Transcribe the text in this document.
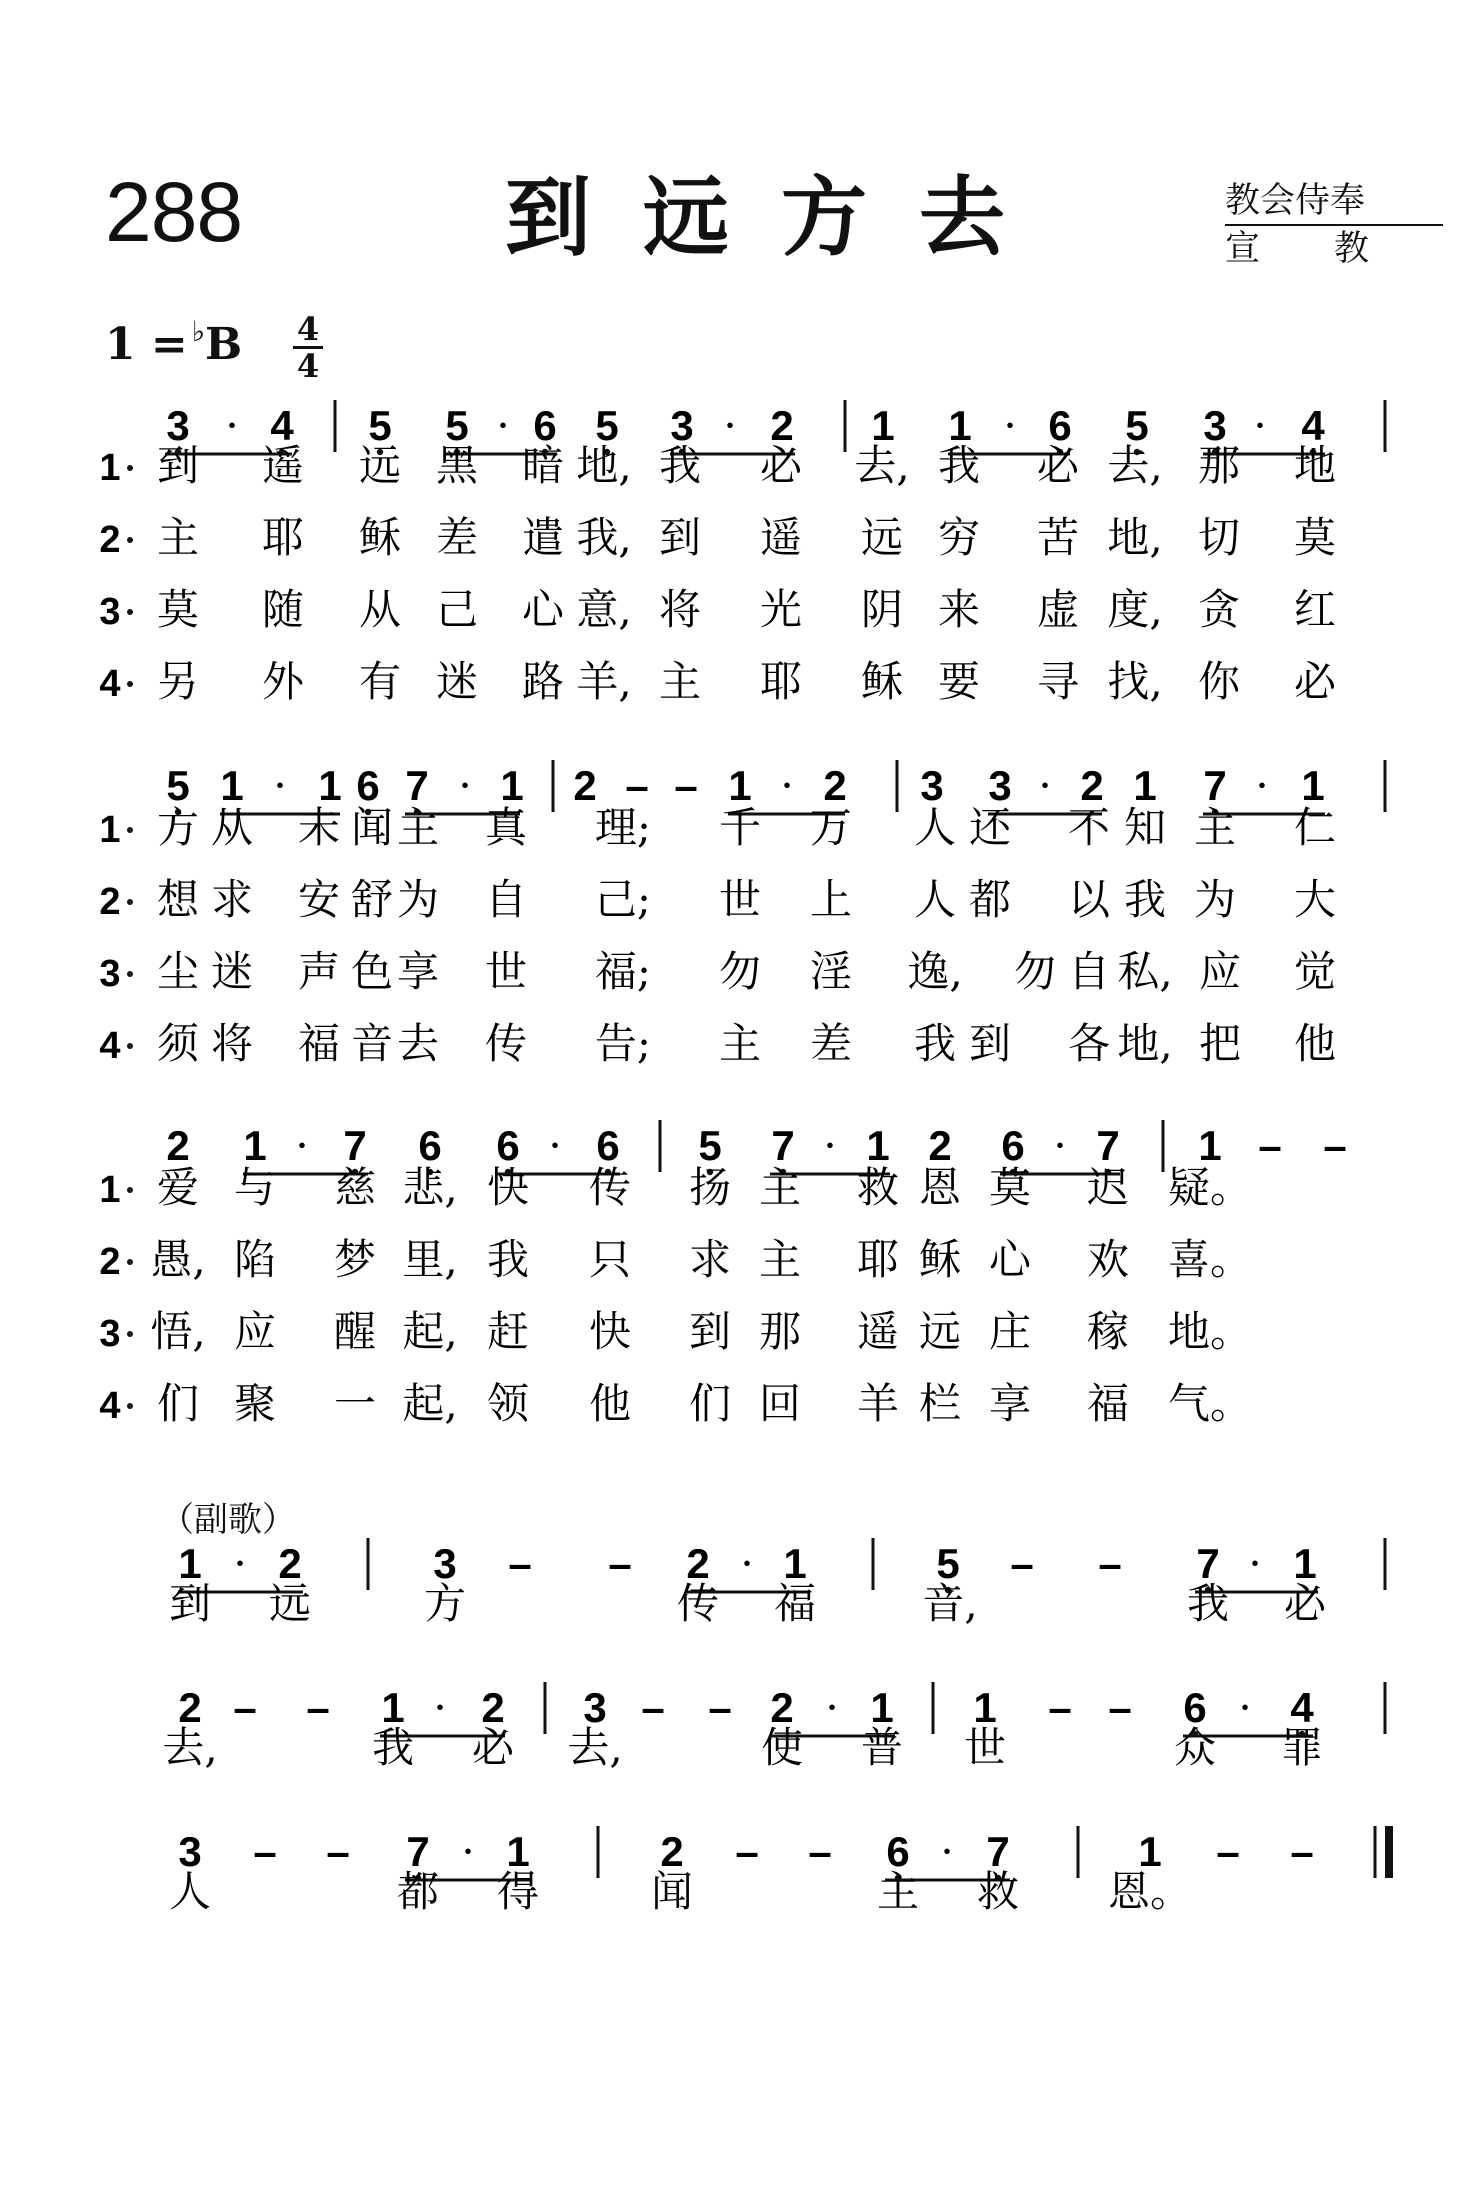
288	到远方去	教会侍奉
宣教
$1 = ^♭B \frac{4}{4}$
（副歌）
3 · 4 5 5 · 6 5 3 · 2 1 1 · 6 5 3 · 4
1 到 遥 远 黑 暗 地, 我 必 去, 我 必 去, 那 地
2 主 耶 稣 差 遣 我, 到 遥 远 穷 苦 地, 切 莫
3 莫 随 从 己 心 意, 将 光 阴 来 虚 度, 贪 红
4 另 外 有 迷 路 羊, 主 耶 稣 要 寻 找, 你 必
5 1 · 1 6 7 · 1 2 – – 1 · 2 3 3 · 2 1 7 · 1
1 方 从 未 闻 主 真 理; 千 万 人 还 不 知 主 仁
2 想 求 安 舒 为 自 己; 世 上 人 都 以 我 为 大
3 尘 迷 声 色 享 世 福; 勿 淫 逸, 勿 自 私, 应 觉
4 须 将 福 音 去 传 告; 主 差 我 到 各 地, 把 他
2 1 · 7 6 6 · 6 5 7 · 1 2 6 · 7 1 – –
1 爱 与 慈 悲, 快 传 扬 主 救 恩 莫 迟 疑。
2 愚, 陷 梦 里, 我 只 求 主 耶 稣 心 欢 喜。
3 悟, 应 醒 起, 赶 快 到 那 遥 远 庄 稼 地。
4 们 聚 一 起, 领 他 们 回 羊 栏 享 福 气。
1 · 2	3 – – 2 · 1	5 – – 7 · 1
到 远	方	传 福	音,	我 必
2 – – 1 · 2 3 – – 2 · 1 1 – – 6 · 4
去,	我 必 去,	使 普 世	众 罪
3 – – 7 · 1	2 – – 6 · 7	1 – –
人	都 得	闻	主 救 恩。
